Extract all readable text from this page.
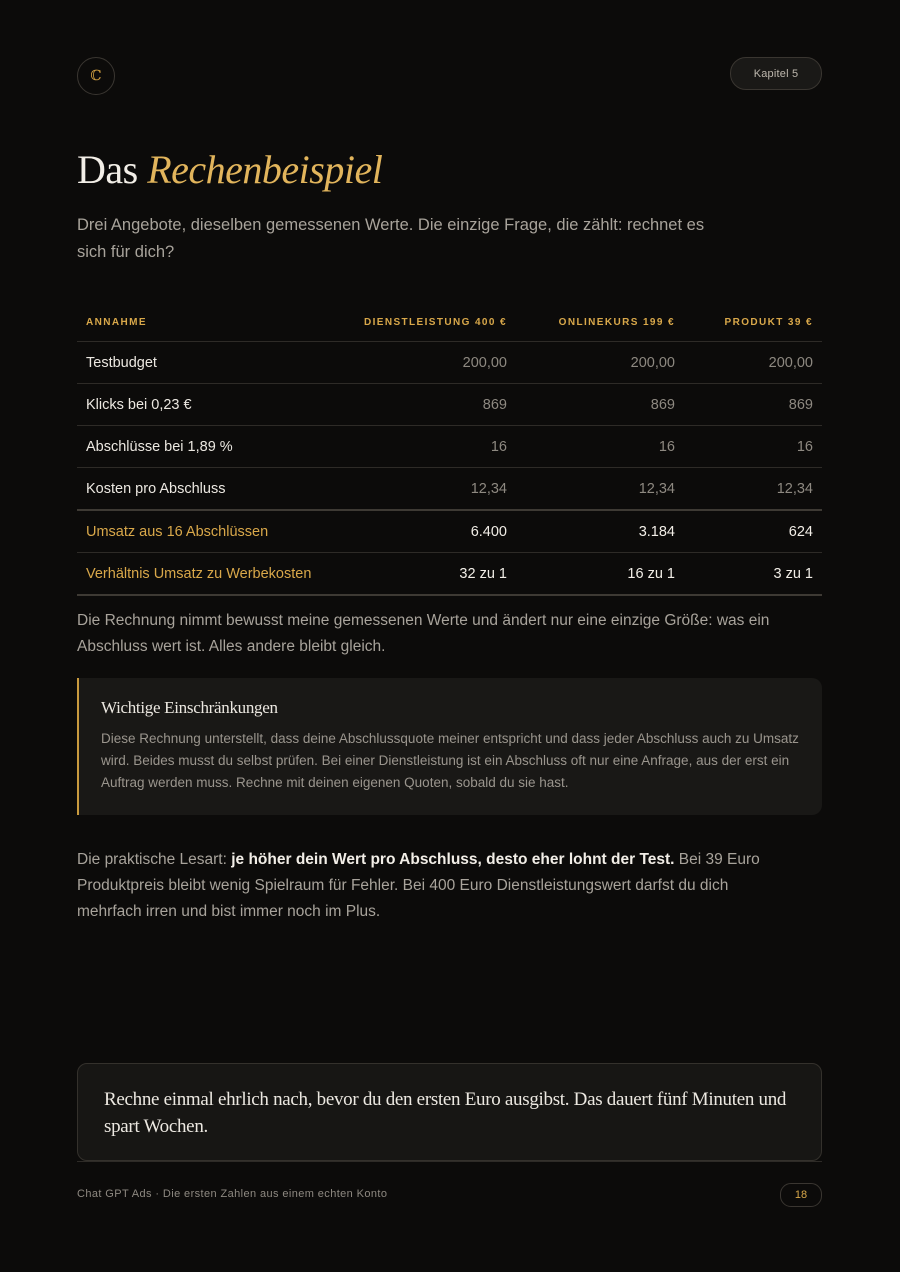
ℂ	Kapitel 5
Das Rechenbeispiel

Drei Angebote, dieselben gemessenen Werte. Die einzige Frage, die zählt: rechnet es sich für dich?

ANNAHME	DIENSTLEISTUNG 400 €	ONLINEKURS 199 €	PRODUKT 39 €
Testbudget	200,00	200,00	200,00
Klicks bei 0,23 €	869	869	869
Abschlüsse bei 1,89 %	16	16	16
Kosten pro Abschluss	12,34	12,34	12,34
Umsatz aus 16 Abschlüssen	6.400	3.184	624
Verhältnis Umsatz zu Werbekosten	32 zu 1	16 zu 1	3 zu 1

Die Rechnung nimmt bewusst meine gemessenen Werte und ändert nur eine einzige Größe: was ein Abschluss wert ist. Alles andere bleibt gleich.

Wichtige Einschränkungen

Diese Rechnung unterstellt, dass deine Abschlussquote meiner entspricht und dass jeder Abschluss auch zu Umsatz wird. Beides musst du selbst prüfen. Bei einer Dienstleistung ist ein Abschluss oft nur eine Anfrage, aus der erst ein Auftrag werden muss. Rechne mit deinen eigenen Quoten, sobald du sie hast.

Die praktische Lesart: je höher dein Wert pro Abschluss, desto eher lohnt der Test. Bei 39 Euro Produktpreis bleibt wenig Spielraum für Fehler. Bei 400 Euro Dienstleistungswert darfst du dich mehrfach irren und bist immer noch im Plus.

Rechne einmal ehrlich nach, bevor du den ersten Euro ausgibst. Das dauert fünf Minuten und spart Wochen.
Chat GPT Ads · Die ersten Zahlen aus einem echten Konto	18
